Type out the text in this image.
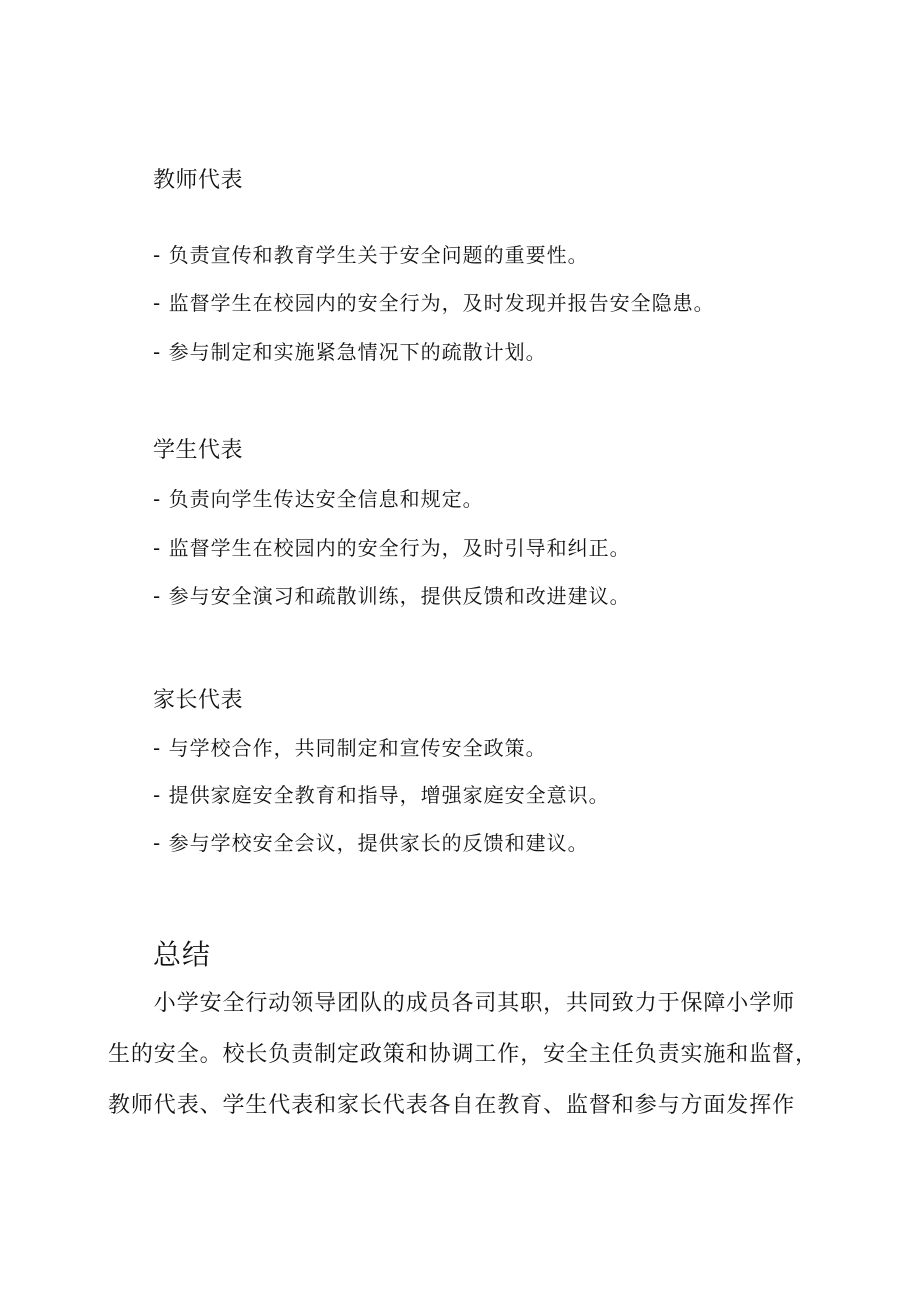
教师代表
- 负责宣传和教育学生关于安全问题的重要性。
- 监督学生在校园内的安全行为，及时发现并报告安全隐患。
- 参与制定和实施紧急情况下的疏散计划。
学生代表
- 负责向学生传达安全信息和规定。
- 监督学生在校园内的安全行为，及时引导和纠正。
- 参与安全演习和疏散训练，提供反馈和改进建议。
家长代表
- 与学校合作，共同制定和宣传安全政策。
- 提供家庭安全教育和指导，增强家庭安全意识。
- 参与学校安全会议，提供家长的反馈和建议。
总结
　　小学安全行动领导团队的成员各司其职，共同致力于保障小学师
生的安全。校长负责制定政策和协调工作，安全主任负责实施和监督，
教师代表、学生代表和家长代表各自在教育、监督和参与方面发挥作
